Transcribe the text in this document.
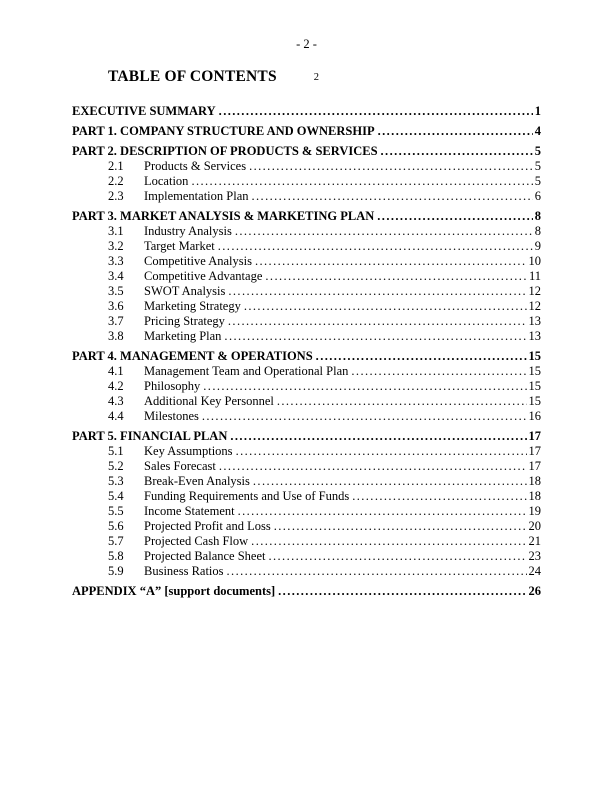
- 2 -
TABLE OF CONTENTS	2
EXECUTIVE SUMMARY .....	1
PART 1. COMPANY STRUCTURE AND OWNERSHIP .....	4
PART 2. DESCRIPTION OF PRODUCTS & SERVICES .....	5
2.1	Products & Services .....	5
2.2	Location .....	5
2.3	Implementation Plan .....	6
PART 3. MARKET ANALYSIS & MARKETING PLAN .....	8
3.1	Industry Analysis .....	8
3.2	Target Market .....	9
3.3	Competitive Analysis .....	10
3.4	Competitive Advantage .....	11
3.5	SWOT Analysis .....	12
3.6	Marketing Strategy .....	12
3.7	Pricing Strategy .....	13
3.8	Marketing Plan .....	13
PART 4. MANAGEMENT & OPERATIONS .....	15
4.1	Management Team and Operational Plan .....	15
4.2	Philosophy .....	15
4.3	Additional Key Personnel .....	15
4.4	Milestones .....	16
PART 5. FINANCIAL PLAN .....	17
5.1	Key Assumptions .....	17
5.2	Sales Forecast .....	17
5.3	Break-Even Analysis .....	18
5.4	Funding Requirements and Use of Funds .....	18
5.5	Income Statement .....	19
5.6	Projected Profit and Loss .....	20
5.7	Projected Cash Flow .....	21
5.8	Projected Balance Sheet .....	23
5.9	Business Ratios .....	24
APPENDIX “A” [support documents] .....	26
